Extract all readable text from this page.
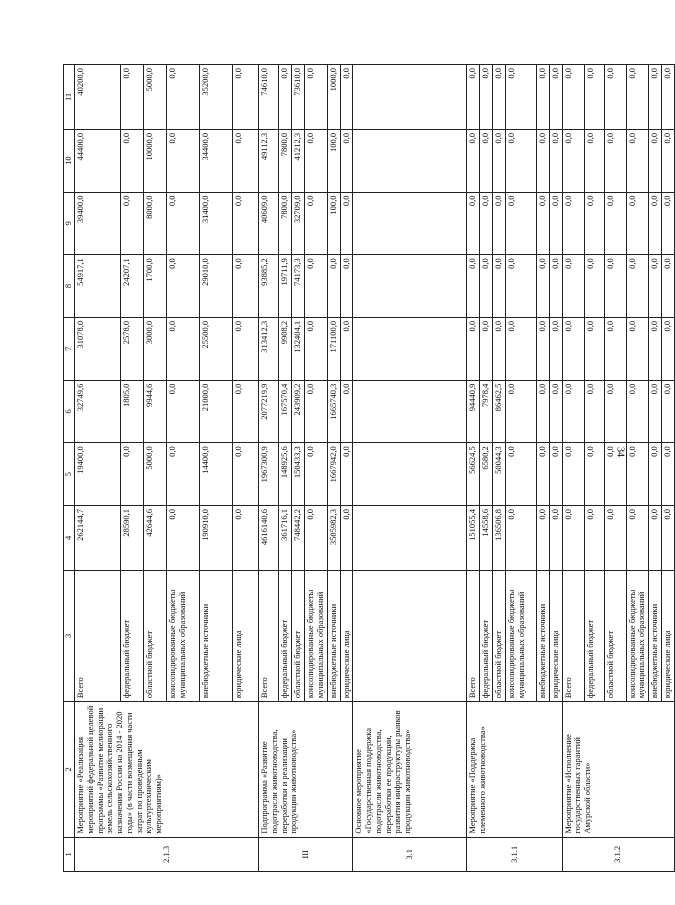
34
1	2	3	4	5	6	7	8	9	10	11
2.1.3	Мероприятие «Реализация мероприятий федеральной целевой программы «Развитие мелиорации земель сельскохозяйственного назначения России на 2014 - 2020 годы» (в части возмещения части затрат по проведенным культуртехническим мероприятиям)»	Всего	262144,7	19400,0	32749,6	31078,0	54917,1	39400,0	44400,0	40200,0
		федеральный бюджет	28590,1	0,0	1805,0	2578,0	24207,1	0,0	0,0	0,0
		областной бюджет	42644,6	5000,0	9944,6	3000,0	1700,0	8000,0	10000,0	5000,0
		консолидированные бюджеты муниципальных образований	0,0	0,0	0,0	0,0	0,0	0,0	0,0	0,0
		внебюджетные источники	190910,0	14400,0	21000,0	25500,0	29010,0	31400,0	34400,0	35200,0
		юридические лица	0,0	0,0	0,0	0,0	0,0	0,0	0,0	0,0
III	Подпрограмма «Развитие подотрасли животноводства, переработки и реализации продукции животноводства»	Всего	4616140,6	1967300,9	2077219,9	313412,3	93885,2	40609,0	49112,3	74610,0
		федеральный бюджет	361716,1	148925,6	167570,4	9908,2	19711,9	7800,0	7800,0	0,0
		областной бюджет	748442,2	150433,3	243909,2	132404,1	74173,3	32709,0	41212,3	73610,0
		консолидированные бюджеты муниципальных образований	0,0	0,0	0,0	0,0	0,0	0,0	0,0	0,0
		внебюджетные источники	3505982,3	1667942,0	1665740,3	171100,0	0,0	100,0	100,0	1000,0
		юридические лица	0,0	0,0	0,0	0,0	0,0	0,0	0,0	0,0
3.1	Основное мероприятие «Государственная поддержка подотрасли животноводства, переработки ее продукции, развития инфраструктуры рынков продукции животноводства»									
3.1.1	Мероприятие «Поддержка племенного животноводства»	Всего	151055,4	56624,5	94440,9	0,0	0,0	0,0	0,0	0,0
		федеральный бюджет	14558,6	6580,2	7978,4	0,0	0,0	0,0	0,0	0,0
		областной бюджет	136506,8	50044,3	86462,5	0,0	0,0	0,0	0,0	0,0
		консолидированные бюджеты муниципальных образований	0,0	0,0	0,0	0,0	0,0	0,0	0,0	0,0
		внебюджетные источники	0,0	0,0	0,0	0,0	0,0	0,0	0,0	0,0
		юридические лица	0,0	0,0	0,0	0,0	0,0	0,0	0,0	0,0
3.1.2	Мероприятие «Исполнение государственных гарантий Амурской области»	Всего	0,0	0,0	0,0	0,0	0,0	0,0	0,0	0,0
		федеральный бюджет	0,0	0,0	0,0	0,0	0,0	0,0	0,0	0,0
		областной бюджет	0,0	0,0	0,0	0,0	0,0	0,0	0,0	0,0
		консолидированные бюджеты муниципальных образований	0,0	0,0	0,0	0,0	0,0	0,0	0,0	0,0
		внебюджетные источники	0,0	0,0	0,0	0,0	0,0	0,0	0,0	0,0
		юридические лица	0,0	0,0	0,0	0,0	0,0	0,0	0,0	0,0
